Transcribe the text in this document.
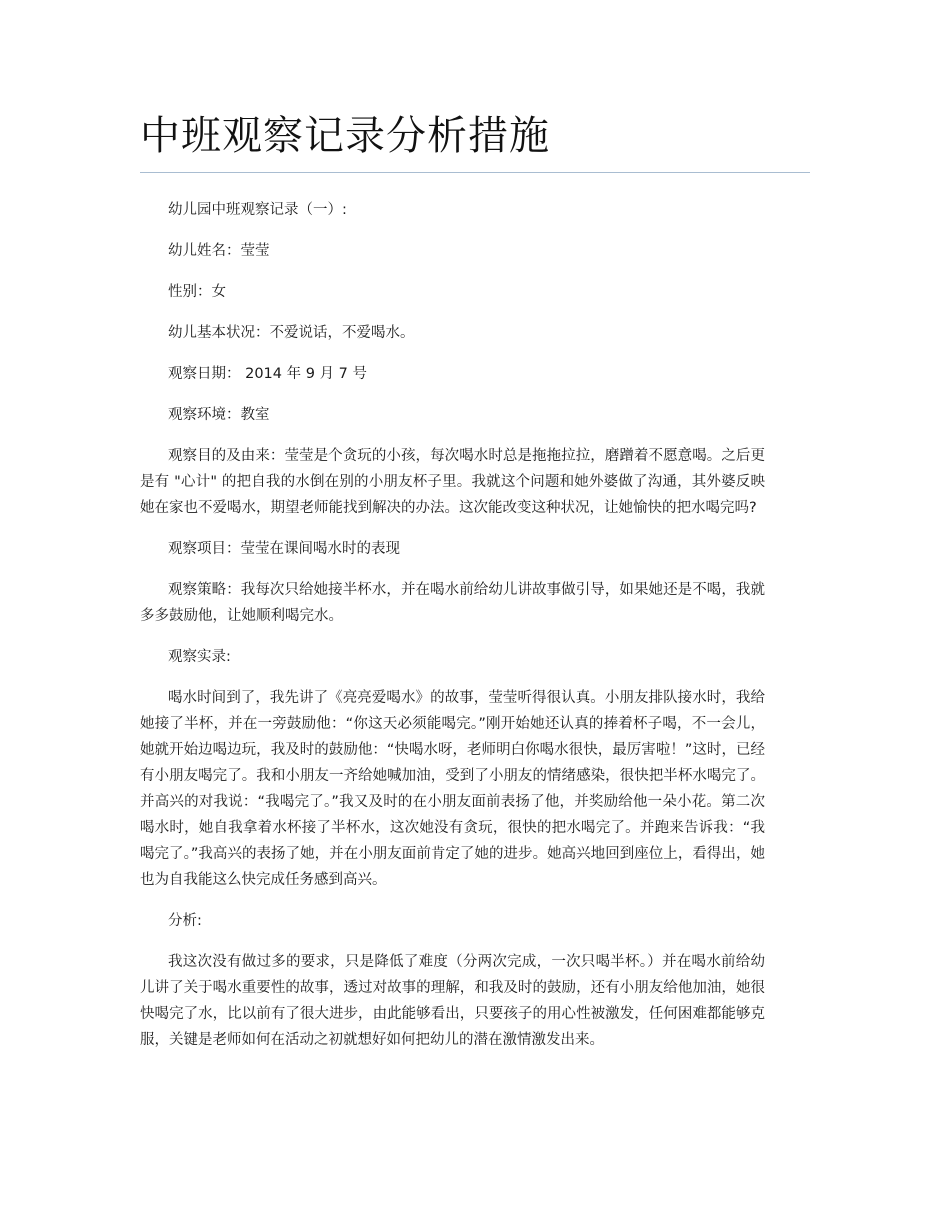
中班观察记录分析措施

幼儿园中班观察记录（一）:

幼儿姓名：莹莹

性别：女

幼儿基本状况：不爱说话，不爱喝水。

观察日期： 2014 年 9 月 7 号

观察环境：教室

观察目的及由来：莹莹是个贪玩的小孩，每次喝水时总是拖拖拉拉，磨蹭着不愿意喝。之后更是有 "心计" 的把自我的水倒在别的小朋友杯子里。我就这个问题和她外婆做了沟通，其外婆反映她在家也不爱喝水，期望老师能找到解决的办法。这次能改变这种状况，让她愉快的把水喝完吗?

观察项目：莹莹在课间喝水时的表现

观察策略：我每次只给她接半杯水，并在喝水前给幼儿讲故事做引导，如果她还是不喝，我就多多鼓励他，让她顺利喝完水。

观察实录:

喝水时间到了，我先讲了《亮亮爱喝水》的故事，莹莹听得很认真。小朋友排队接水时，我给她接了半杯，并在一旁鼓励他：“你这天必须能喝完。”刚开始她还认真的捧着杯子喝，不一会儿，她就开始边喝边玩，我及时的鼓励他：“快喝水呀，老师明白你喝水很快，最厉害啦！”这时，已经有小朋友喝完了。我和小朋友一齐给她喊加油，受到了小朋友的情绪感染，很快把半杯水喝完了。并高兴的对我说：“我喝完了。”我又及时的在小朋友面前表扬了他，并奖励给他一朵小花。第二次喝水时，她自我拿着水杯接了半杯水，这次她没有贪玩，很快的把水喝完了。并跑来告诉我：“我喝完了。”我高兴的表扬了她，并在小朋友面前肯定了她的进步。她高兴地回到座位上，看得出，她也为自我能这么快完成任务感到高兴。

分析:

我这次没有做过多的要求，只是降低了难度（分两次完成，一次只喝半杯。）并在喝水前给幼儿讲了关于喝水重要性的故事，透过对故事的理解，和我及时的鼓励，还有小朋友给他加油，她很快喝完了水，比以前有了很大进步，由此能够看出，只要孩子的用心性被激发，任何困难都能够克服，关键是老师如何在活动之初就想好如何把幼儿的潜在激情激发出来。
